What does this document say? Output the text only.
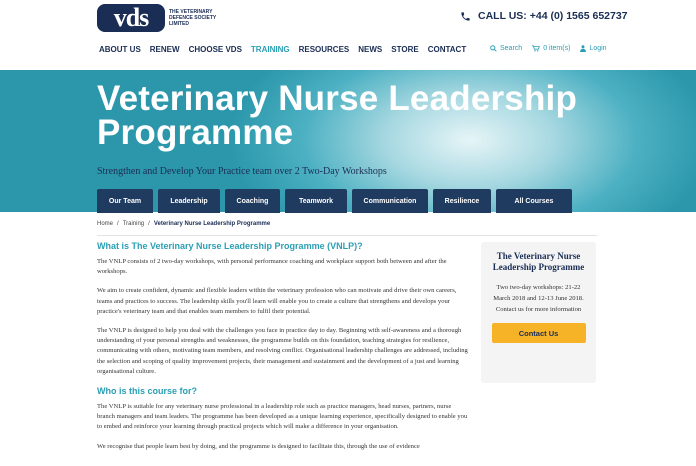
vds	THE VETERINARY DEFENCE SOCIETY LIMITED
CALL US: +44 (0) 1565 652737
ABOUT US RENEW CHOOSE VDS TRAINING RESOURCES NEWS STORE CONTACT	Search	0 item(s)	Login
Veterinary Nurse Leadership Programme
Strengthen and Develop Your Practice team over 2 Two-Day Workshops
Our Team	Leadership	Coaching	Teamwork	Communication	Resilience	All Courses
Home / Training / Veterinary Nurse Leadership Programme
What is The Veterinary Nurse Leadership Programme (VNLP)?

The VNLP consists of 2 two-day workshops, with personal performance coaching and workplace support both between and after the workshops.

We aim to create confident, dynamic and flexible leaders within the veterinary profession who can motivate and drive their own careers, teams and practices to success. The leadership skills you'll learn will enable you to create a culture that strengthens and develops your practice's veterinary team and that enables team members to fulfil their potential.

The VNLP is designed to help you deal with the challenges you face in practice day to day. Beginning with self-awareness and a thorough understanding of your personal strengths and weaknesses, the programme builds on this foundation, teaching strategies for resilience, communicating with others, motivating team members, and resolving conflict. Organisational leadership challenges are addressed, including the selection and scoping of quality improvement projects, their management and sustainment and the development of a just and learning organisational culture.

Who is this course for?

The VNLP is suitable for any veterinary nurse professional in a leadership role such as practice managers, head nurses, partners, nurse branch managers and team leaders. The programme has been developed as a unique learning experience, specifically designed to enable you to embed and reinforce your learning through practical projects which will make a difference in your organisation.

We recognise that people learn best by doing, and the programme is designed to facilitate this, through the use of evidence

The Veterinary Nurse Leadership Programme
Two two-day workshops: 21-22 March 2018 and 12-13 June 2018. Contact us for more information
Contact Us
